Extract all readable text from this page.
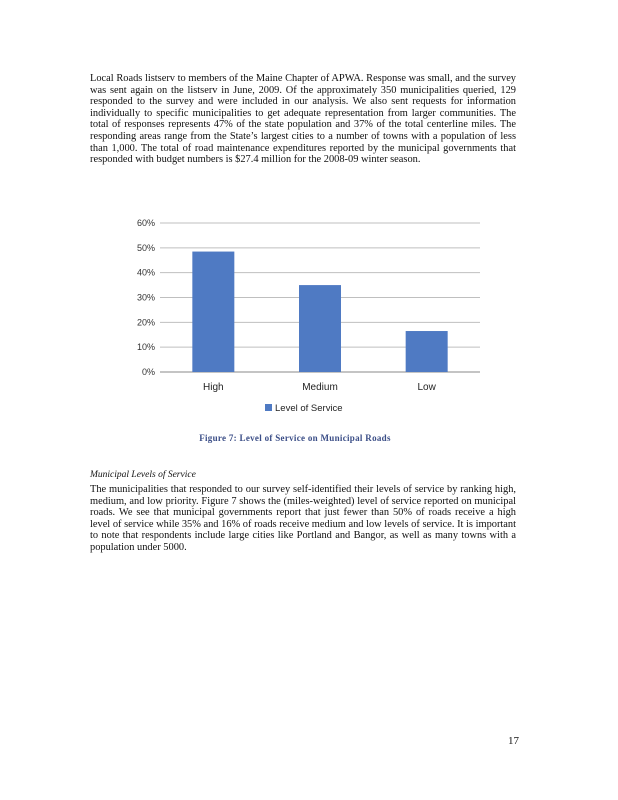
Local Roads listserv to members of the Maine Chapter of APWA. Response was small, and the survey was sent again on the listserv in June, 2009. Of the approximately 350 municipalities queried, 129 responded to the survey and were included in our analysis. We also sent requests for information individually to specific municipalities to get adequate representation from larger communities. The total of responses represents 47% of the state population and 37% of the total centerline miles. The responding areas range from the State’s largest cities to a number of towns with a population of less than 1,000. The total of road maintenance expenditures reported by the municipal governments that responded with budget numbers is $27.4 million for the 2008-09 winter season.

0%
10%
20%
30%
40%
50%
60%
High	Medium	Low
Level of Service
Figure 7: Level of Service on Municipal Roads
Municipal Levels of Service

The municipalities that responded to our survey self-identified their levels of service by ranking high, medium, and low priority. Figure 7 shows the (miles-weighted) level of service reported on municipal roads. We see that municipal governments report that just fewer than 50% of roads receive a high level of service while 35% and 16% of roads receive medium and low levels of service. It is important to note that respondents include large cities like Portland and Bangor, as well as many towns with a population under 5000.

17
